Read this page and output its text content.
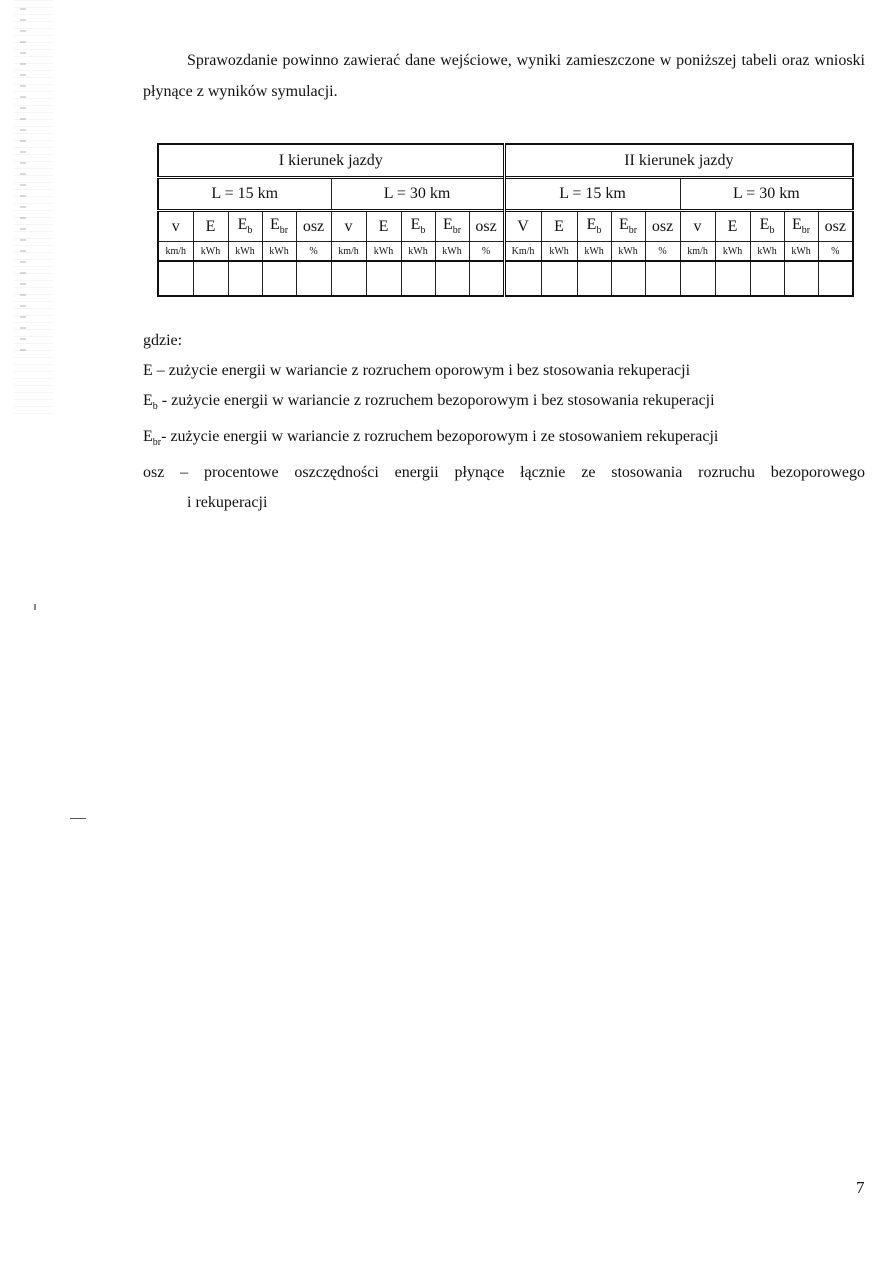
Sprawozdanie powinno zawierać dane wejściowe, wyniki zamieszczone w poniższej tabeli oraz wnioski płynące z wyników symulacji.
I kierunek jazdy										II kierunek jazdy									
L = 15 km					L = 30 km					L = 15 km					L = 30 km				
v	E	$E_b$	$E_{br}$	osz	v	E	$E_b$	$E_{br}$	osz	V	E	$E_b$	$E_{br}$	osz	v	E	$E_b$	$E_{br}$	osz
km/h	kWh	kWh	kWh	%	km/h	kWh	kWh	kWh	%	Km/h	kWh	kWh	kWh	%	km/h	kWh	kWh	kWh	%

gdzie:
E – zużycie energii w wariancie z rozruchem oporowym i bez stosowania rekuperacji
$E_b$ - zużycie energii w wariancie z rozruchem bezoporowym i bez stosowania rekuperacji
$E_{br}-$ zużycie energii w wariancie z rozruchem bezoporowym i ze stosowaniem rekuperacji
osz – procentowe oszczędności energii płynące łącznie ze stosowania rozruchu bezoporowego
i rekuperacji
7
